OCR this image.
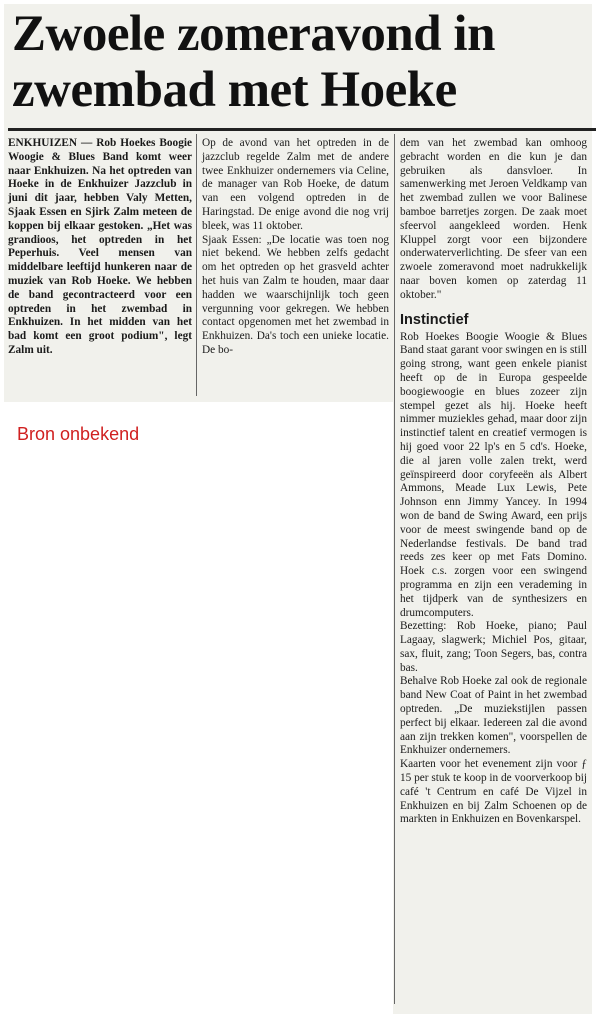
Zwoele zomeravond in
zwembad met Hoeke

ENKHUIZEN — Rob Hoekes Boogie Woogie & Blues Band komt weer naar Enkhuizen. Na het optreden van Hoeke in de Enkhuizer Jazzclub in juni dit jaar, hebben Valy Metten, Sjaak Essen en Sjirk Zalm meteen de koppen bij elkaar gestoken. „Het was grandioos, het optreden in het Peperhuis. Veel mensen van middelbare leeftijd hunkeren naar de muziek van Rob Hoeke. We hebben de band gecontracteerd voor een optreden in het zwembad in Enkhuizen. In het midden van het bad komt een groot podium", legt Zalm uit.

Op de avond van het optreden in de jazzclub regelde Zalm met de andere twee Enkhuizer ondernemers via Celine, de manager van Rob Hoeke, de datum van een volgend optreden in de Haringstad. De enige avond die nog vrij bleek, was 11 oktober.

Sjaak Essen: „De locatie was toen nog niet bekend. We hebben zelfs gedacht om het optreden op het grasveld achter het huis van Zalm te houden, maar daar hadden we waarschijnlijk toch geen vergunning voor gekregen. We hebben contact opgenomen met het zwembad in Enkhuizen. Da's toch een unieke locatie. De bo-

dem van het zwembad kan omhoog gebracht worden en die kun je dan gebruiken als dansvloer. In samenwerking met Jeroen Veldkamp van het zwembad zullen we voor Balinese bamboe barretjes zorgen. De zaak moet sfeervol aangekleed worden. Henk Kluppel zorgt voor een bijzondere onderwaterverlichting. De sfeer van een zwoele zomeravond moet nadrukkelijk naar boven komen op zaterdag 11 oktober."

Instinctief

Rob Hoekes Boogie Woogie & Blues Band staat garant voor swingen en is still going strong, want geen enkele pianist heeft op de in Europa gespeelde boogiewoogie en blues zozeer zijn stempel gezet als hij. Hoeke heeft nimmer muziekles gehad, maar door zijn instinctief talent en creatief vermogen is hij goed voor 22 lp's en 5 cd's. Hoeke, die al jaren volle zalen trekt, werd geïnspireerd door coryfeeën als Albert Ammons, Meade Lux Lewis, Pete Johnson enn Jimmy Yancey. In 1994 won de band de Swing Award, een prijs voor de meest swingende band op de Nederlandse festivals. De band trad reeds zes keer op met Fats Domino. Hoek c.s. zorgen voor een swingend programma en zijn een verademing in het tijdperk van de synthesizers en drumcomputers.

Bezetting: Rob Hoeke, piano; Paul Lagaay, slagwerk; Michiel Pos, gitaar, sax, fluit, zang; Toon Segers, bas, contra bas.

Behalve Rob Hoeke zal ook de regionale band New Coat of Paint in het zwembad optreden. „De muziekstijlen passen perfect bij elkaar. Iedereen zal die avond aan zijn trekken komen", voorspellen de Enkhuizer ondernemers.

Kaarten voor het evenement zijn voor ƒ 15 per stuk te koop in de voorverkoop bij café 't Centrum en café De Vijzel in Enkhuizen en bij Zalm Schoenen op de markten in Enkhuizen en Bovenkarspel.

Bron onbekend
